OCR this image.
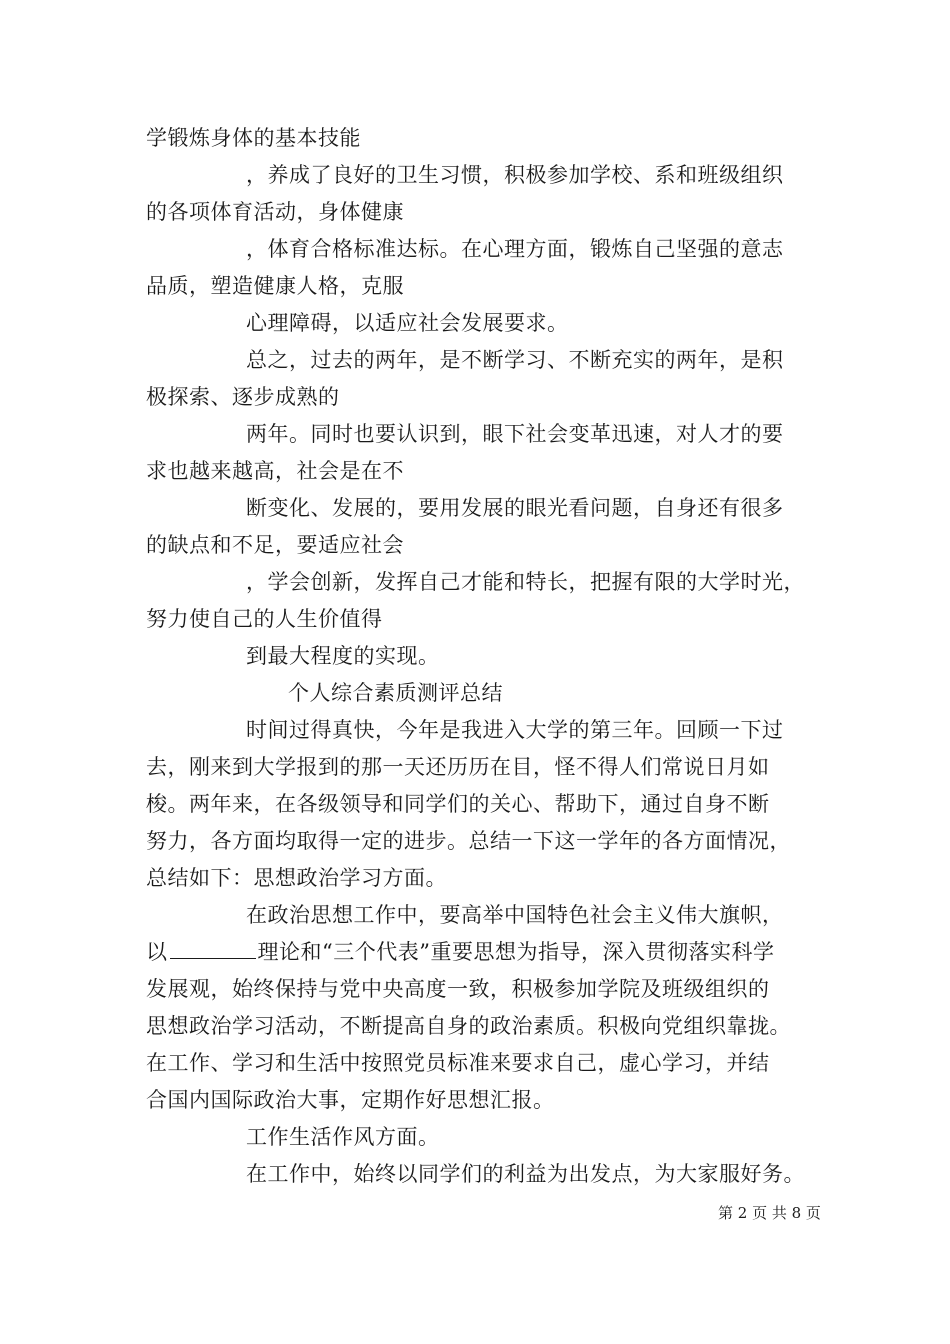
学锻炼身体的基本技能
，养成了良好的卫生习惯，积极参加学校、系和班级组织
的各项体育活动，身体健康
，体育合格标准达标。在心理方面，锻炼自己坚强的意志
品质，塑造健康人格，克服
心理障碍，以适应社会发展要求。
总之，过去的两年，是不断学习、不断充实的两年，是积
极探索、逐步成熟的
两年。同时也要认识到，眼下社会变革迅速，对人才的要
求也越来越高，社会是在不
断变化、发展的，要用发展的眼光看问题，自身还有很多
的缺点和不足，要适应社会
，学会创新，发挥自己才能和特长，把握有限的大学时光，
努力使自己的人生价值得
到最大程度的实现。
个人综合素质测评总结
时间过得真快，今年是我进入大学的第三年。回顾一下过
去，刚来到大学报到的那一天还历历在目，怪不得人们常说日月如
梭。两年来，在各级领导和同学们的关心、帮助下，通过自身不断
努力，各方面均取得一定的进步。总结一下这一学年的各方面情况，
总结如下：思想政治学习方面。
在政治思想工作中，要高举中国特色社会主义伟大旗帜，
以	理论和“三个代表”重要思想为指导，深入贯彻落实科学
发展观，始终保持与党中央高度一致，积极参加学院及班级组织的
思想政治学习活动，不断提高自身的政治素质。积极向党组织靠拢。
在工作、学习和生活中按照党员标准来要求自己，虚心学习，并结
合国内国际政治大事，定期作好思想汇报。
工作生活作风方面。
在工作中，始终以同学们的利益为出发点，为大家服好务。
第 2 页 共 8 页
